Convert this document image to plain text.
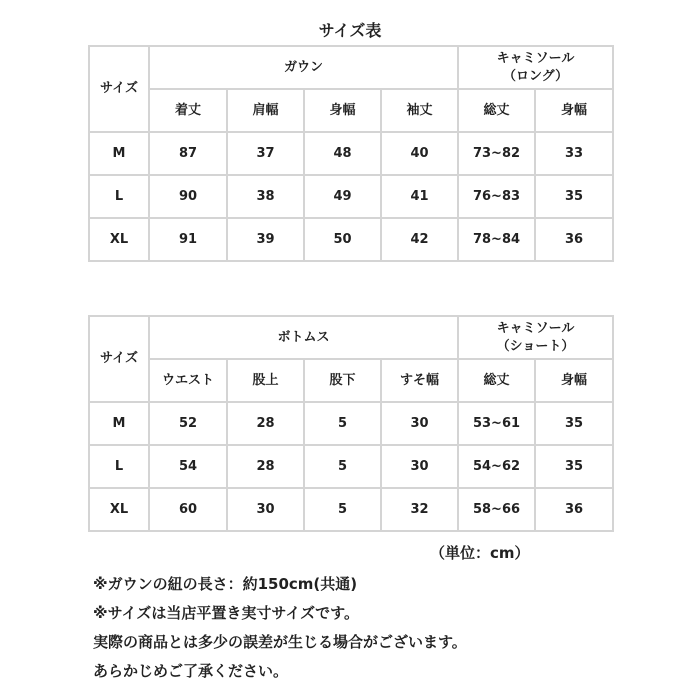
サイズ表
サイズ	ガウン				キャミソール
（ロング）	
	着丈	肩幅	身幅	袖丈	総丈	身幅
M	87	37	48	40	73~82	33
L	90	38	49	41	76~83	35
XL	91	39	50	42	78~84	36
サイズ	ボトムス				キャミソール
（ショート）	
	ウエスト	股上	股下	すそ幅	総丈	身幅
M	52	28	5	30	53~61	35
L	54	28	5	30	54~62	35
XL	60	30	5	32	58~66	36
（単位：cm）
※ガウンの紐の長さ：約150cm(共通)
※サイズは当店平置き実寸サイズです。
実際の商品とは多少の誤差が生じる場合がございます。
あらかじめご了承ください。
